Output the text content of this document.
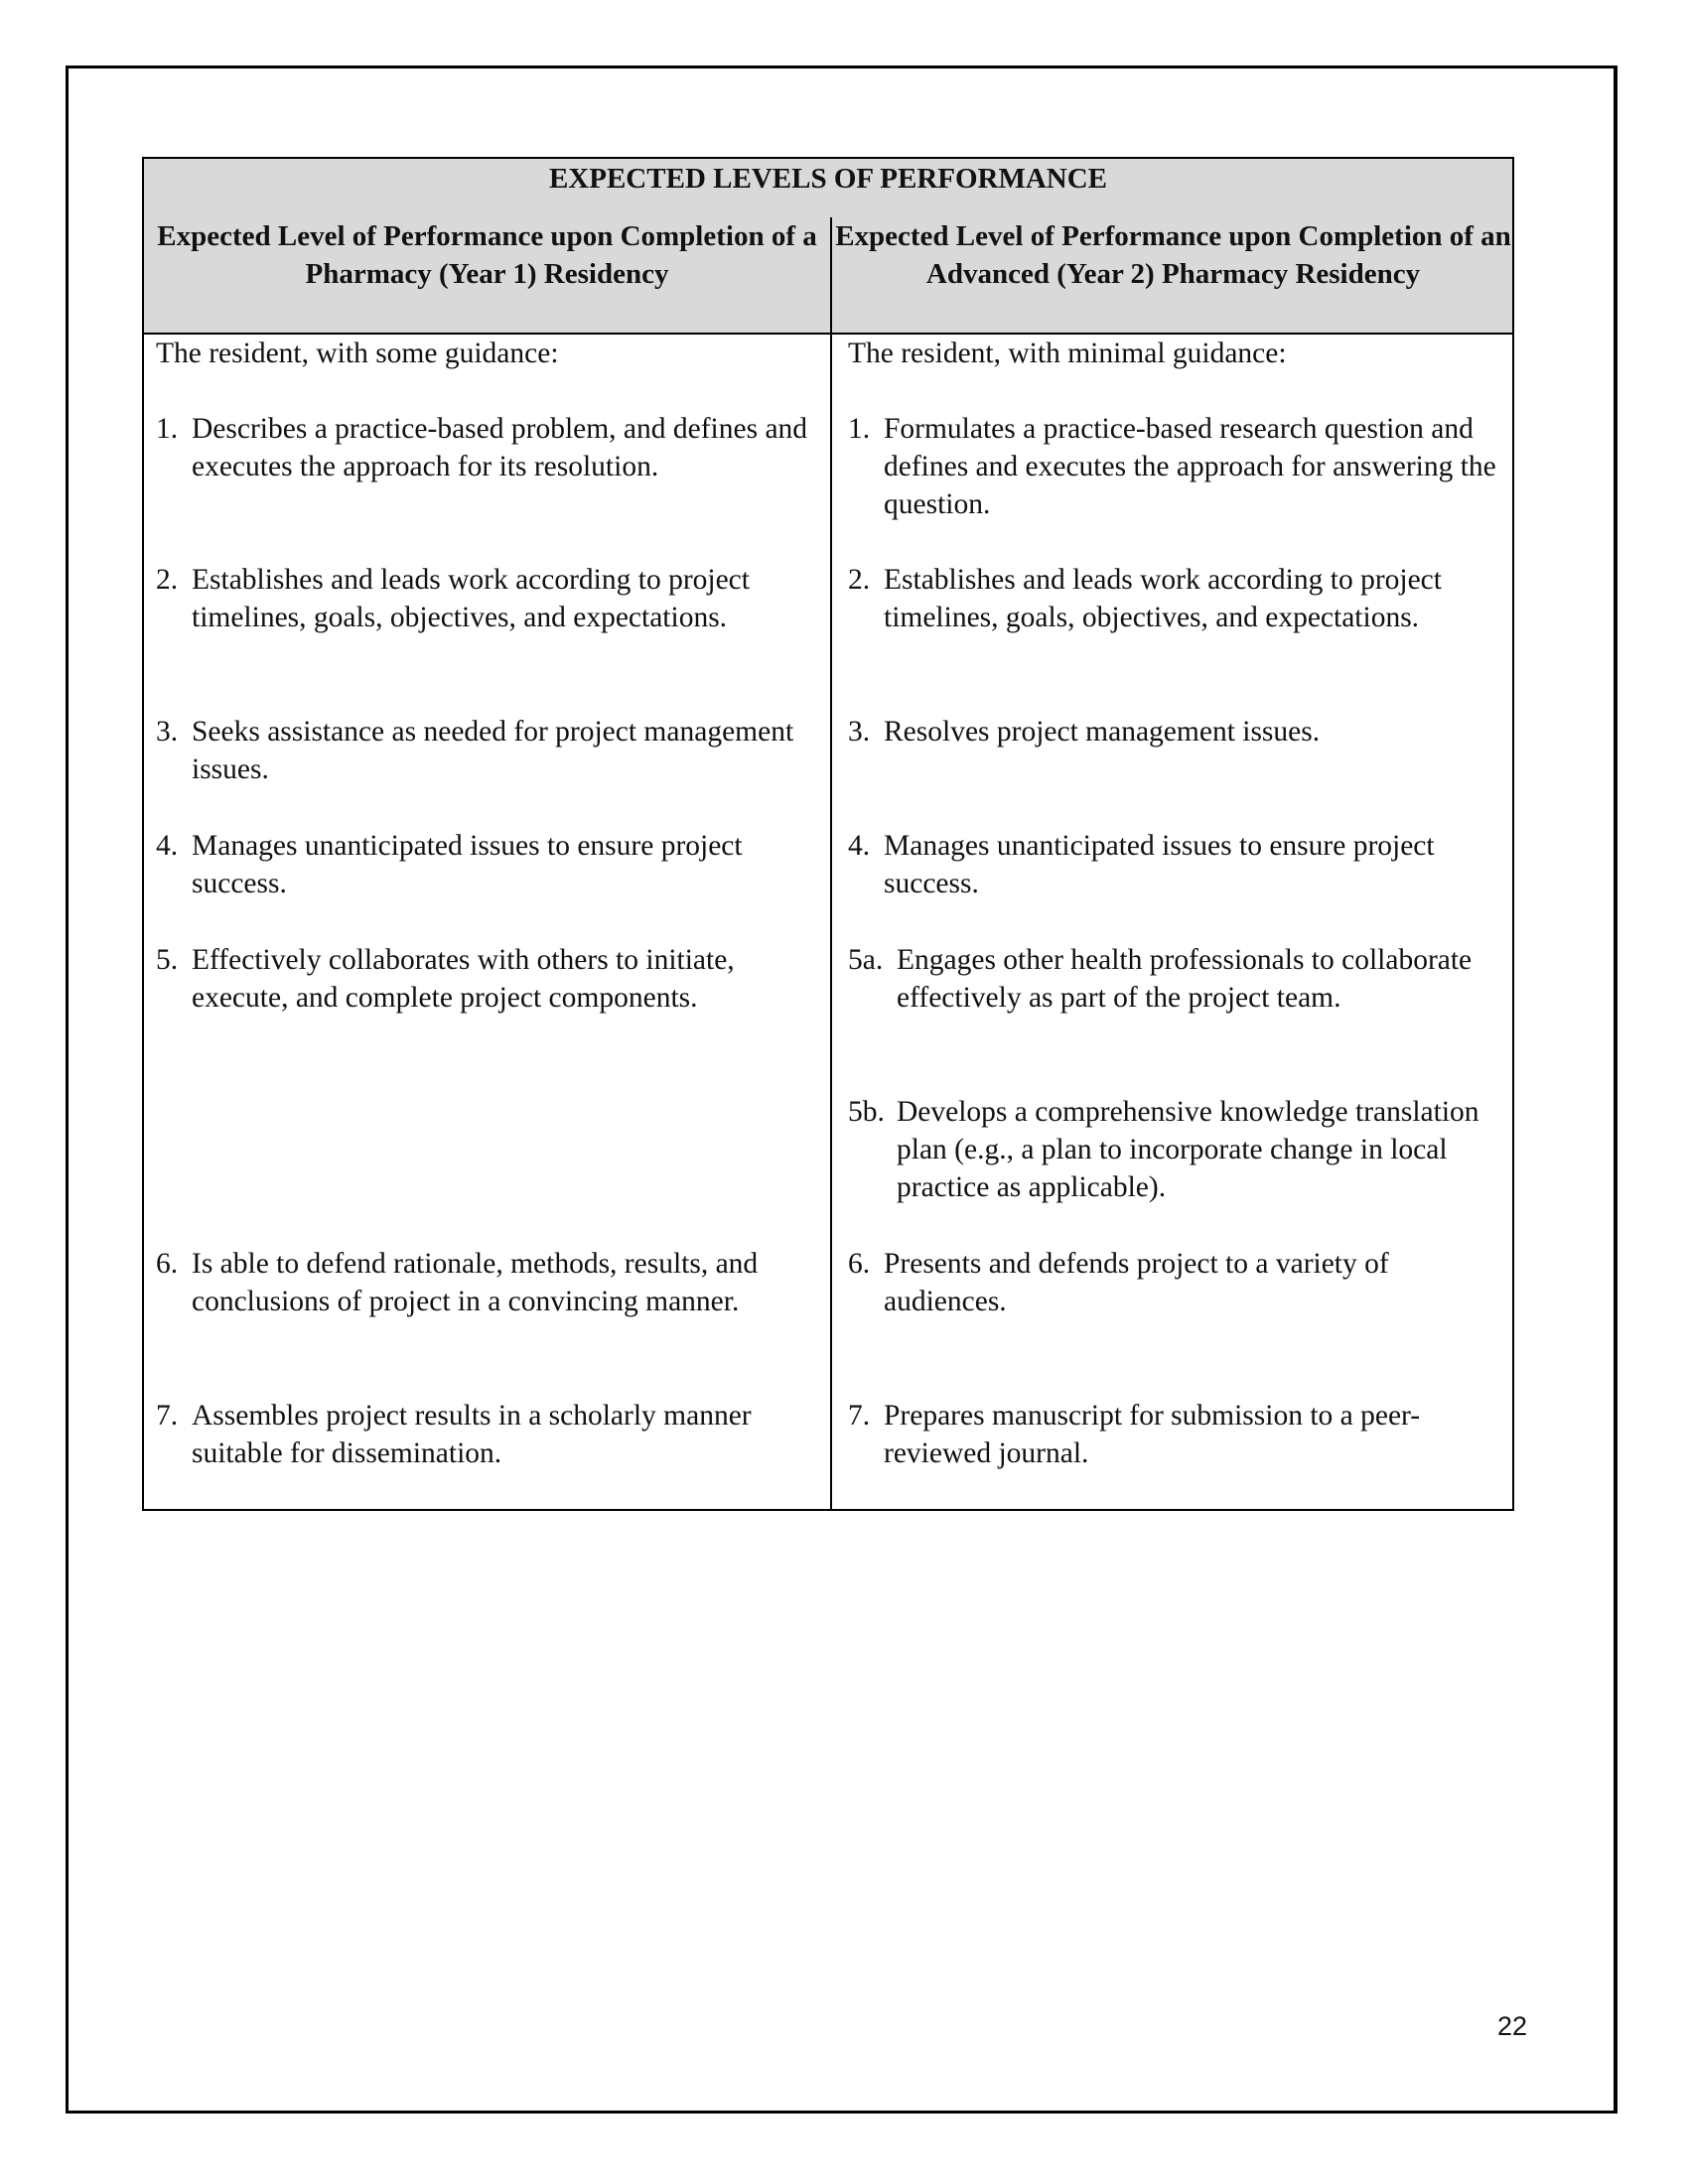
EXPECTED LEVELS OF PERFORMANCE
Expected Level of Performance upon Completion of a Pharmacy (Year 1) Residency
Expected Level of Performance upon Completion of an Advanced (Year 2) Pharmacy Residency
The resident, with some guidance:
1. Describes a practice-based problem, and defines and executes the approach for its resolution.
2. Establishes and leads work according to project timelines, goals, objectives, and expectations.
3. Seeks assistance as needed for project management issues.
4. Manages unanticipated issues to ensure project success.
5. Effectively collaborates with others to initiate, execute, and complete project components.
6. Is able to defend rationale, methods, results, and conclusions of project in a convincing manner.
7. Assembles project results in a scholarly manner suitable for dissemination.
The resident, with minimal guidance:
1. Formulates a practice-based research question and defines and executes the approach for answering the question.
2. Establishes and leads work according to project timelines, goals, objectives, and expectations.
3. Resolves project management issues.
4. Manages unanticipated issues to ensure project success.
5a. Engages other health professionals to collaborate effectively as part of the project team.
5b. Develops a comprehensive knowledge translation plan (e.g., a plan to incorporate change in local practice as applicable).
6. Presents and defends project to a variety of audiences.
7. Prepares manuscript for submission to a peer-reviewed journal.
22
